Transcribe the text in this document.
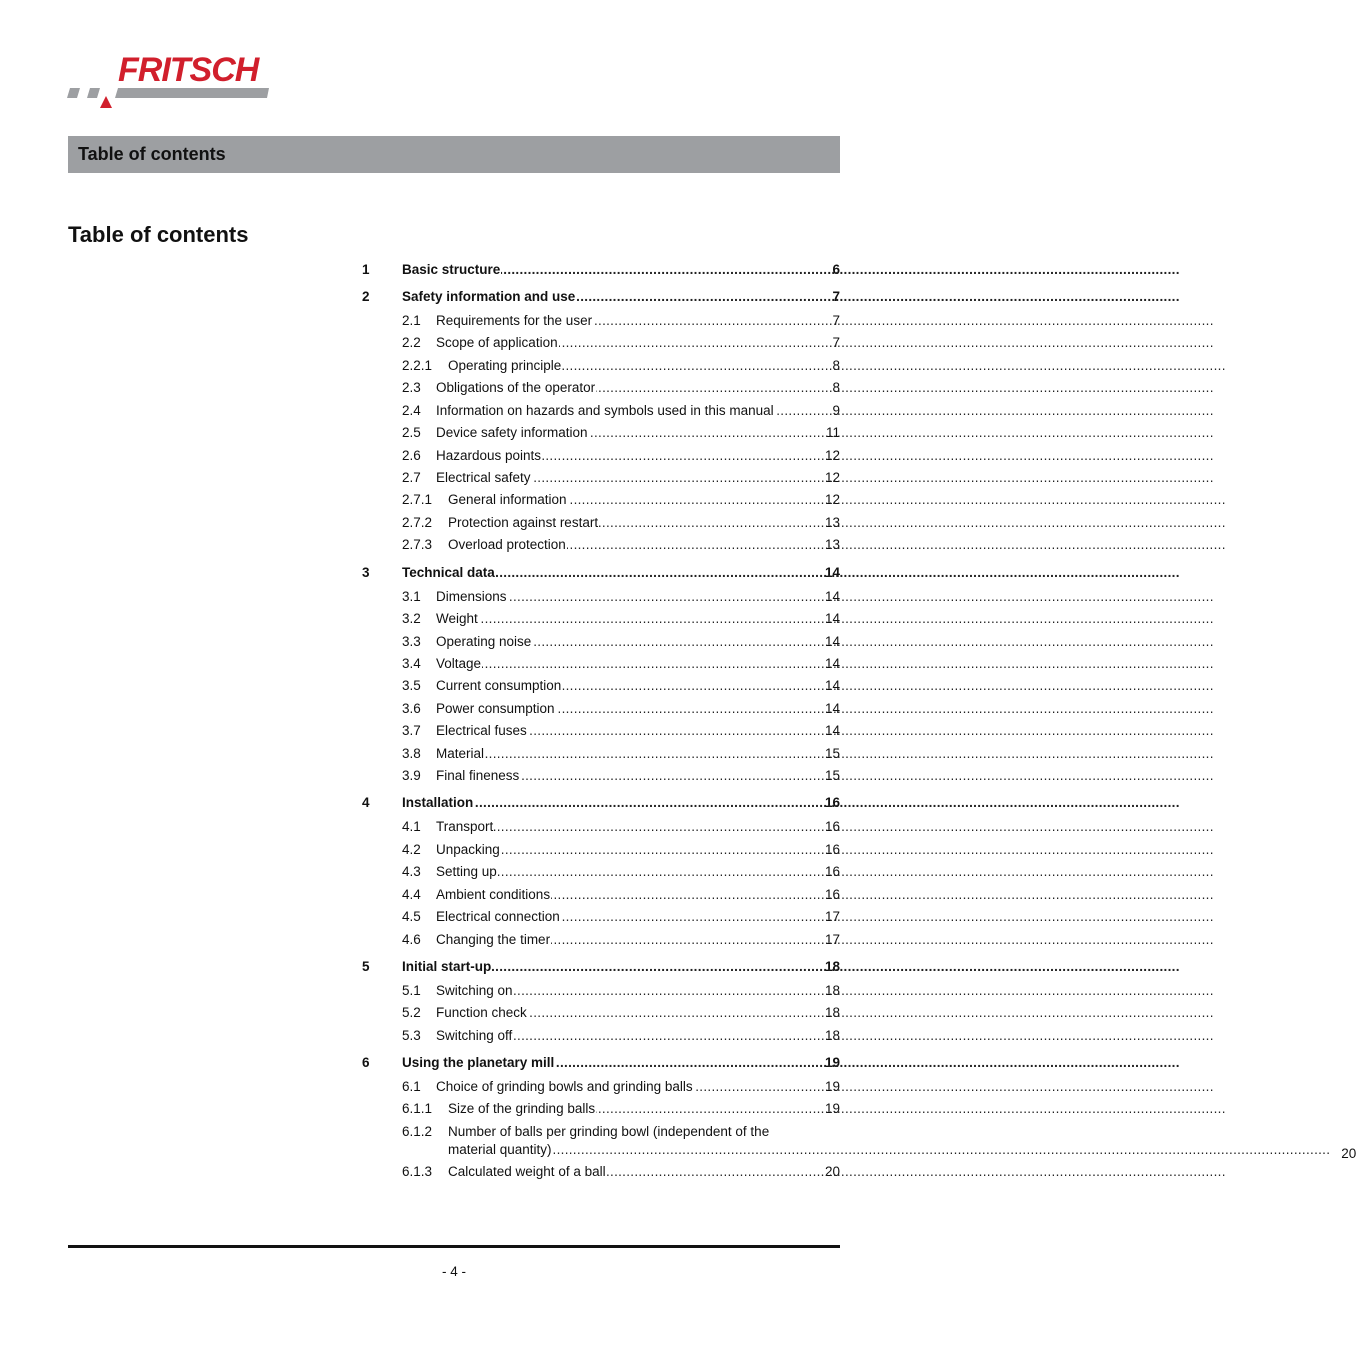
FRITSCH
Table of contents
Table of contents
1	Basic structure .....	6
2	Safety information and use .....	7
2.1	Requirements for the user .....	7
2.2	Scope of application .....	7
2.2.1	Operating principle .....	8
2.3	Obligations of the operator .....	8
2.4	Information on hazards and symbols used in this manual .....	9
2.5	Device safety information .....	11
2.6	Hazardous points .....	12
2.7	Electrical safety .....	12
2.7.1	General information .....	12
2.7.2	Protection against restart .....	13
2.7.3	Overload protection .....	13
3	Technical data .....	14
3.1	Dimensions .....	14
3.2	Weight .....	14
3.3	Operating noise .....	14
3.4	Voltage .....	14
3.5	Current consumption .....	14
3.6	Power consumption .....	14
3.7	Electrical fuses .....	14
3.8	Material .....	15
3.9	Final fineness .....	15
4	Installation .....	16
4.1	Transport .....	16
4.2	Unpacking .....	16
4.3	Setting up .....	16
4.4	Ambient conditions .....	16
4.5	Electrical connection .....	17
4.6	Changing the timer .....	17
5	Initial start-up .....	18
5.1	Switching on .....	18
5.2	Function check .....	18
5.3	Switching off .....	18
6	Using the planetary mill .....	19
6.1	Choice of grinding bowls and grinding balls .....	19
6.1.1	Size of the grinding balls .....	19
6.1.2	Number of balls per grinding bowl (independent of the
material quantity)
.....	20
6.1.3	Calculated weight of a ball .....	20
- 4 -
